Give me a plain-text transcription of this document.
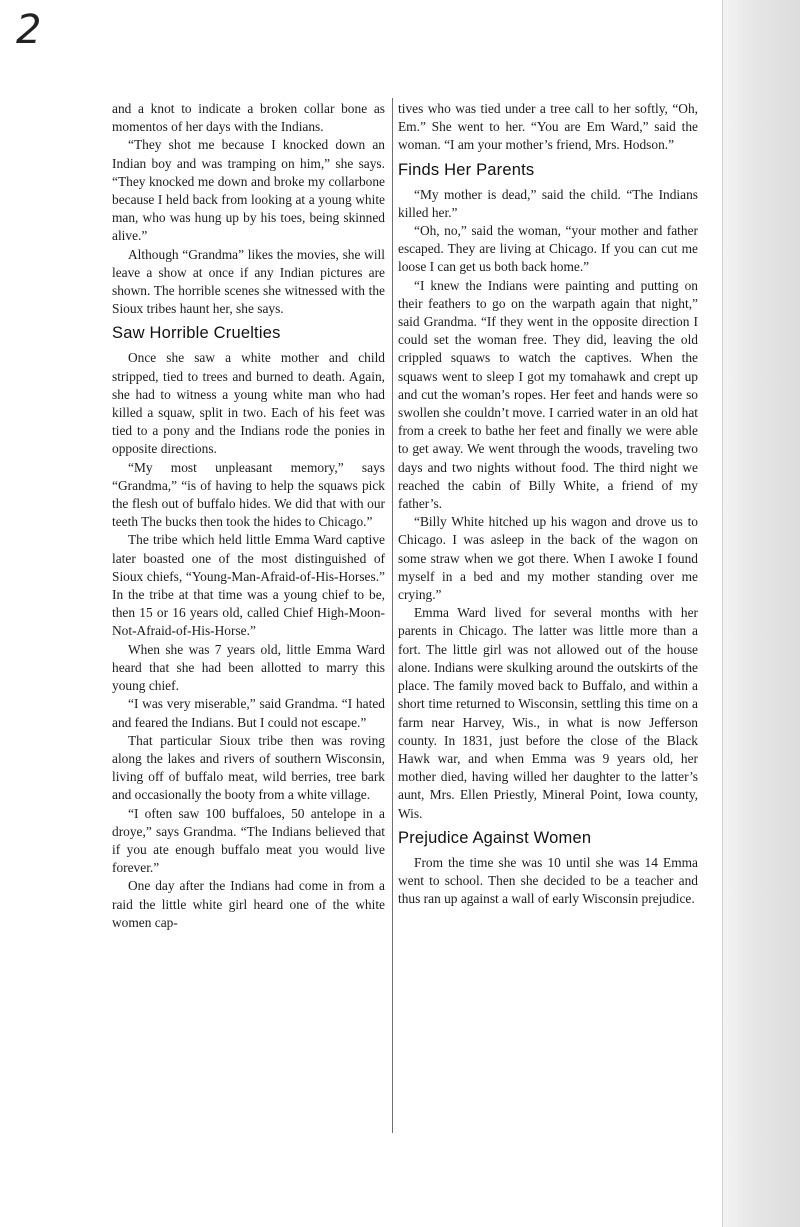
2

and a knot to indicate a broken collar bone as momentos of her days with the Indians.

“They shot me because I knocked down an Indian boy and was tramping on him,” she says. “They knocked me down and broke my collarbone because I held back from looking at a young white man, who was hung up by his toes, being skinned alive.”

Although “Grandma” likes the movies, she will leave a show at once if any Indian pictures are shown. The horrible scenes she witnessed with the Sioux tribes haunt her, she says.

Saw Horrible Cruelties

Once she saw a white mother and child stripped, tied to trees and burned to death. Again, she had to witness a young white man who had killed a squaw, split in two. Each of his feet was tied to a pony and the Indians rode the ponies in opposite directions.

“My most unpleasant memory,” says “Grandma,” “is of having to help the squaws pick the flesh out of buffalo hides. We did that with our teeth The bucks then took the hides to Chicago.”

The tribe which held little Emma Ward captive later boasted one of the most distinguished of Sioux chiefs, “Young-Man-Afraid-of-His-Horses.” In the tribe at that time was a young chief to be, then 15 or 16 years old, called Chief High-Moon-Not-Afraid-of-His-Horse.”

When she was 7 years old, little Emma Ward heard that she had been allotted to marry this young chief.

“I was very miserable,” said Grandma. “I hated and feared the Indians. But I could not escape.”

That particular Sioux tribe then was roving along the lakes and rivers of southern Wisconsin, living off of buffalo meat, wild berries, tree bark and occasionally the booty from a white village.

“I often saw 100 buffaloes, 50 antelope in a droye,” says Grandma. “The Indians believed that if you ate enough buffalo meat you would live forever.”

One day after the Indians had come in from a raid the little white girl heard one of the white women cap-

tives who was tied under a tree call to her softly, “Oh, Em.” She went to her. “You are Em Ward,” said the woman. “I am your mother’s friend, Mrs. Hodson.”

Finds Her Parents

“My mother is dead,” said the child. “The Indians killed her.”

“Oh, no,” said the woman, “your mother and father escaped. They are living at Chicago. If you can cut me loose I can get us both back home.”

“I knew the Indians were painting and putting on their feathers to go on the warpath again that night,” said Grandma. “If they went in the opposite direction I could set the woman free. They did, leaving the old crippled squaws to watch the captives. When the squaws went to sleep I got my tomahawk and crept up and cut the woman’s ropes. Her feet and hands were so swollen she couldn’t move. I carried water in an old hat from a creek to bathe her feet and finally we were able to get away. We went through the woods, traveling two days and two nights without food. The third night we reached the cabin of Billy White, a friend of my father’s.

“Billy White hitched up his wagon and drove us to Chicago. I was asleep in the back of the wagon on some straw when we got there. When I awoke I found myself in a bed and my mother standing over me crying.”

Emma Ward lived for several months with her parents in Chicago. The latter was little more than a fort. The little girl was not allowed out of the house alone. Indians were skulking around the outskirts of the place. The family moved back to Buffalo, and within a short time returned to Wisconsin, settling this time on a farm near Harvey, Wis., in what is now Jefferson county. In 1831, just before the close of the Black Hawk war, and when Emma was 9 years old, her mother died, having willed her daughter to the latter’s aunt, Mrs. Ellen Priestly, Mineral Point, Iowa county, Wis.

Prejudice Against Women

From the time she was 10 until she was 14 Emma went to school. Then she decided to be a teacher and thus ran up against a wall of early Wisconsin prejudice.
